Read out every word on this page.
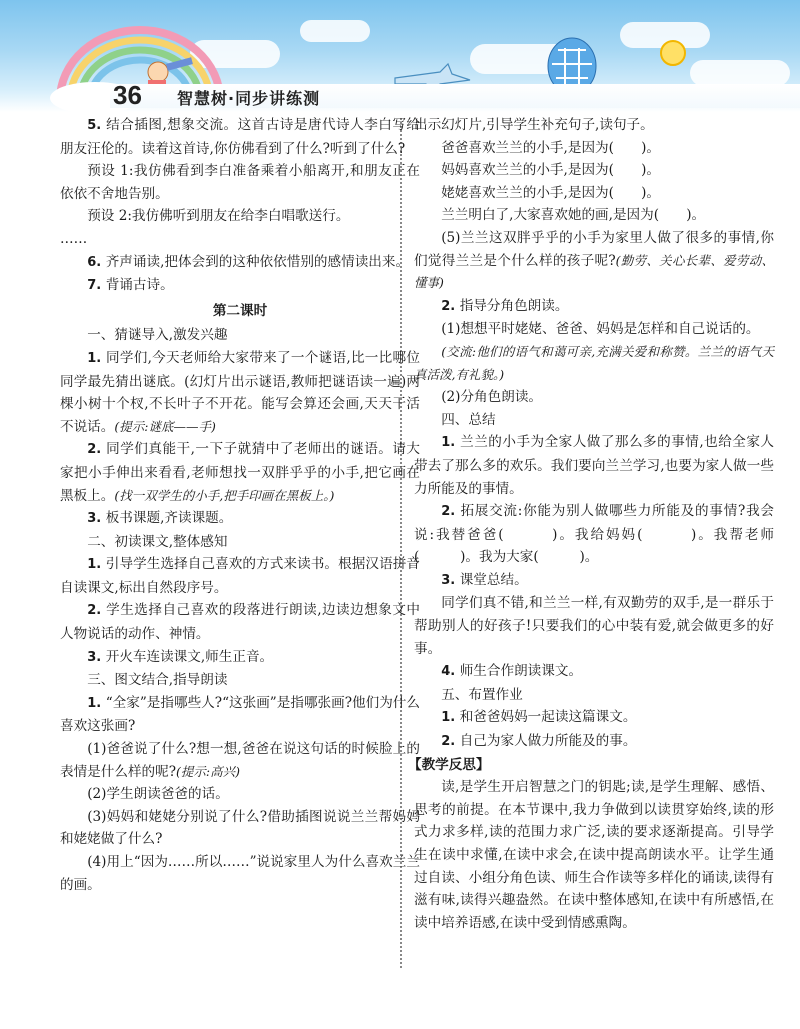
36 智慧树·同步讲练测

5. 结合插图,想象交流。这首古诗是唐代诗人李白写给朋友汪伦的。读着这首诗,你仿佛看到了什么?听到了什么?

预设 1:我仿佛看到李白准备乘着小船离开,和朋友正在依依不舍地告别。

预设 2:我仿佛听到朋友在给李白唱歌送行。

……

6. 齐声诵读,把体会到的这种依依惜别的感情读出来。

7. 背诵古诗。

第二课时

一、猜谜导入,激发兴趣

1. 同学们,今天老师给大家带来了一个谜语,比一比哪位同学最先猜出谜底。(幻灯片出示谜语,教师把谜语读一遍)两棵小树十个杈,不长叶子不开花。能写会算还会画,天天干活不说话。(提示:谜底——手)

2. 同学们真能干,一下子就猜中了老师出的谜语。请大家把小手伸出来看看,老师想找一双胖乎乎的小手,把它画在黑板上。(找一双学生的小手,把手印画在黑板上。)

3. 板书课题,齐读课题。

二、初读课文,整体感知

1. 引导学生选择自己喜欢的方式来读书。根据汉语拼音自读课文,标出自然段序号。

2. 学生选择自己喜欢的段落进行朗读,边读边想象文中人物说话的动作、神情。

3. 开火车连读课文,师生正音。

三、图文结合,指导朗读

1. “全家”是指哪些人?“这张画”是指哪张画?他们为什么喜欢这张画?

(1)爸爸说了什么?想一想,爸爸在说这句话的时候脸上的表情是什么样的呢?(提示:高兴)

(2)学生朗读爸爸的话。

(3)妈妈和姥姥分别说了什么?借助插图说说兰兰帮妈妈和姥姥做了什么?

(4)用上“因为……所以……”说说家里人为什么喜欢兰兰的画。

出示幻灯片,引导学生补充句子,读句子。

爸爸喜欢兰兰的小手,是因为(　　)。

妈妈喜欢兰兰的小手,是因为(　　)。

姥姥喜欢兰兰的小手,是因为(　　)。

兰兰明白了,大家喜欢她的画,是因为(　　)。

(5)兰兰这双胖乎乎的小手为家里人做了很多的事情,你们觉得兰兰是个什么样的孩子呢?(勤劳、关心长辈、爱劳动、懂事)

2. 指导分角色朗读。

(1)想想平时姥姥、爸爸、妈妈是怎样和自己说话的。

(交流:他们的语气和蔼可亲,充满关爱和称赞。兰兰的语气天真活泼,有礼貌。)

(2)分角色朗读。

四、总结

1. 兰兰的小手为全家人做了那么多的事情,也给全家人带去了那么多的欢乐。我们要向兰兰学习,也要为家人做一些力所能及的事情。

2. 拓展交流:你能为别人做哪些力所能及的事情?我会说:我替爸爸(　　　)。我给妈妈(　　　)。我帮老师(　　　)。我为大家(　　　)。

3. 课堂总结。

同学们真不错,和兰兰一样,有双勤劳的双手,是一群乐于帮助别人的好孩子!只要我们的心中装有爱,就会做更多的好事。

4. 师生合作朗读课文。

五、布置作业

1. 和爸爸妈妈一起读这篇课文。

2. 自己为家人做力所能及的事。

【教学反思】

读,是学生开启智慧之门的钥匙;读,是学生理解、感悟、思考的前提。在本节课中,我力争做到以读贯穿始终,读的形式力求多样,读的范围力求广泛,读的要求逐渐提高。引导学生在读中求懂,在读中求会,在读中提高朗读水平。让学生通过自读、小组分角色读、师生合作读等多样化的诵读,读得有滋有味,读得兴趣盎然。在读中整体感知,在读中有所感悟,在读中培养语感,在读中受到情感熏陶。
